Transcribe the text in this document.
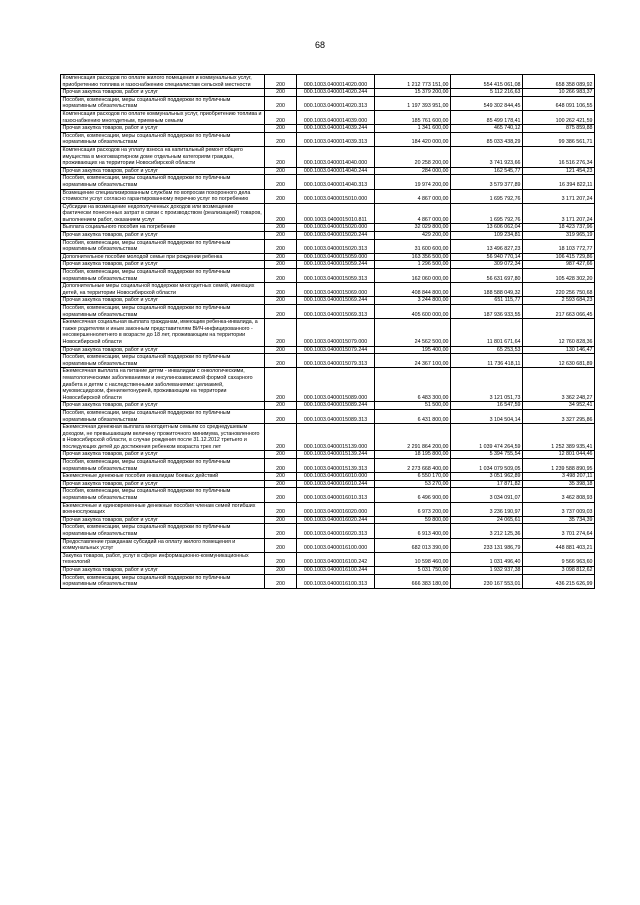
68
Компенсация расходов по оплате жилого помещения и коммунальных услуг, приобретению топлива и газоснабжению специалистам сельской местности	200	000.1003.0400014020.000	1 212 773 151,00	554 415 061,08	658 358 089,92
Прочая закупка товаров, работ и услуг	200	000.1003.0400014020.244	15 379 200,00	5 112 216,63	10 266 983,37
Пособия, компенсации, меры социальной поддержки по публичным нормативным обязательствам	200	000.1003.0400014020.313	1 197 393 951,00	549 302 844,45	648 091 106,55
Компенсация расходов по оплате коммунальных услуг, приобретению топлива и газоснабжению многодетным, приемным семьям	200	000.1003.0400014039.000	185 761 600,00	85 499 178,41	100 262 421,59
Прочая закупка товаров, работ и услуг	200	000.1003.0400014039.244	1 341 600,00	465 740,12	875 859,88
Пособия, компенсации, меры социальной поддержки по публичным нормативным обязательствам	200	000.1003.0400014039.313	184 420 000,00	85 033 438,29	99 386 561,71
Компенсация расходов на уплату взноса на капитальный ремонт общего имущества в многоквартирном доме отдельным категориям граждан, проживающих на территории Новосибирской области	200	000.1003.0400014040.000	20 258 200,00	3 741 923,66	16 516 276,34
Прочая закупка товаров, работ и услуг	200	000.1003.0400014040.244	284 000,00	162 545,77	121 454,23
Пособия, компенсации, меры социальной поддержки по публичным нормативным обязательствам	200	000.1003.0400014040.313	19 974 200,00	3 579 377,89	16 394 822,11
Возмещение специализированным службам по вопросам похоронного дела стоимости услуг согласно гарантированному перечню услуг по погребению	200	000.1003.0400015010.000	4 867 000,00	1 695 792,76	3 171 207,24
Субсидии на возмещение недополученных доходов или возмещение фактически понесенных затрат в связи с производством (реализацией) товаров, выполнением работ, оказанием услуг	200	000.1003.0400015010.811	4 867 000,00	1 695 792,76	3 171 207,24
Выплата социального пособия на погребение	200	000.1003.0400015020.000	32 029 800,00	13 606 062,04	18 423 737,96
Прочая закупка товаров, работ и услуг	200	000.1003.0400015020.244	429 200,00	109 234,81	319 965,19
Пособия, компенсации, меры социальной поддержки по публичным нормативным обязательствам	200	000.1003.0400015020.313	31 600 600,00	13 496 827,23	18 103 772,77
Дополнительное пособие молодой семье при рождении ребенка	200	000.1003.0400015059.000	163 356 500,00	56 940 770,14	106 415 729,86
Прочая закупка товаров, работ и услуг	200	000.1003.0400015059.244	1 296 500,00	309 072,34	987 427,66
Пособия, компенсации, меры социальной поддержки по публичным нормативным обязательствам	200	000.1003.0400015059.313	162 060 000,00	56 631 697,80	105 428 302,20
Дополнительные меры социальной поддержки многодетных семей, имеющих детей, на территории Новосибирской области	200	000.1003.0400015069.000	408 844 800,00	188 588 049,32	220 256 750,68
Прочая закупка товаров, работ и услуг	200	000.1003.0400015069.244	3 244 800,00	651 115,77	2 593 684,23
Пособия, компенсации, меры социальной поддержки по публичным нормативным обязательствам	200	000.1003.0400015069.313	405 600 000,00	187 936 933,55	217 663 066,45
Ежемесячная социальная выплата гражданам, имеющим ребенка-инвалида, а также родителям и иным законным представителям ВИЧ-инфицированного - несовершеннолетнего в возрасте до 18 лет, проживающим на территории Новосибирской области	200	000.1003.0400015079.000	24 562 500,00	11 801 671,64	12 760 828,36
Прочая закупка товаров, работ и услуг	200	000.1003.0400015079.244	195 400,00	65 253,53	130 146,47
Пособия, компенсации, меры социальной поддержки по публичным нормативным обязательствам	200	000.1003.0400015079.313	24 367 100,00	11 736 418,11	12 630 681,89
Ежемесячная выплата на питание детям - инвалидам с онкологическими, гематологическими заболеваниями и инсулинозависимой формой сахарного диабета и детям с наследственными заболеваниями: целиакией, муковисцидозом, фенилкетонурией, проживающим на территории Новосибирской области	200	000.1003.0400015089.000	6 483 300,00	3 121 051,73	3 362 248,27
Прочая закупка товаров, работ и услуг	200	000.1003.0400015089.244	51 500,00	16 547,59	34 952,41
Пособия, компенсации, меры социальной поддержки по публичным нормативным обязательствам	200	000.1003.0400015089.313	6 431 800,00	3 104 504,14	3 327 295,86
Ежемесячная денежная выплата многодетным семьям со среднедушевым доходом, не превышающим величину прожиточного минимума, установленного в Новосибирской области, в случае рождения после 31.12.2012 третьего и последующих детей до достижения ребенком возраста трех лет	200	000.1003.0400015139.000	2 291 864 200,00	1 039 474 264,59	1 252 389 935,41
Прочая закупка товаров, работ и услуг	200	000.1003.0400015139.244	18 195 800,00	5 394 755,54	12 801 044,46
Пособия, компенсации, меры социальной поддержки по публичным нормативным обязательствам	200	000.1003.0400015139.313	2 273 668 400,00	1 034 079 509,05	1 239 588 890,95
Ежемесячные денежные пособия инвалидам боевых действий	200	000.1003.0400016010.000	6 550 170,00	3 051 962,89	3 498 207,11
Прочая закупка товаров, работ и услуг	200	000.1003.0400016010.244	53 270,00	17 871,82	35 398,18
Пособия, компенсации, меры социальной поддержки по публичным нормативным обязательствам	200	000.1003.0400016010.313	6 496 900,00	3 034 091,07	3 462 808,93
Ежемесячные и единовременные денежные пособия членам семей погибших военнослужащих	200	000.1003.0400016020.000	6 973 200,00	3 236 190,97	3 737 009,03
Прочая закупка товаров, работ и услуг	200	000.1003.0400016020.244	59 800,00	24 065,61	35 734,39
Пособия, компенсации, меры социальной поддержки по публичным нормативным обязательствам	200	000.1003.0400016020.313	6 913 400,00	3 212 125,36	3 701 274,64
Предоставление гражданам субсидий на оплату жилого помещения и коммунальных услуг	200	000.1003.0400016100.000	682 013 390,00	233 131 986,79	448 881 403,21
Закупка товаров, работ, услуг в сфере информационно-коммуникационных технологий	200	000.1003.0400016100.242	10 598 460,00	1 031 496,40	9 566 963,60
Прочая закупка товаров, работ и услуг	200	000.1003.0400016100.244	5 031 750,00	1 932 937,38	3 098 812,62
Пособия, компенсации, меры социальной поддержки по публичным нормативным обязательствам	200	000.1003.0400016100.313	666 383 180,00	230 167 553,01	436 215 626,99
